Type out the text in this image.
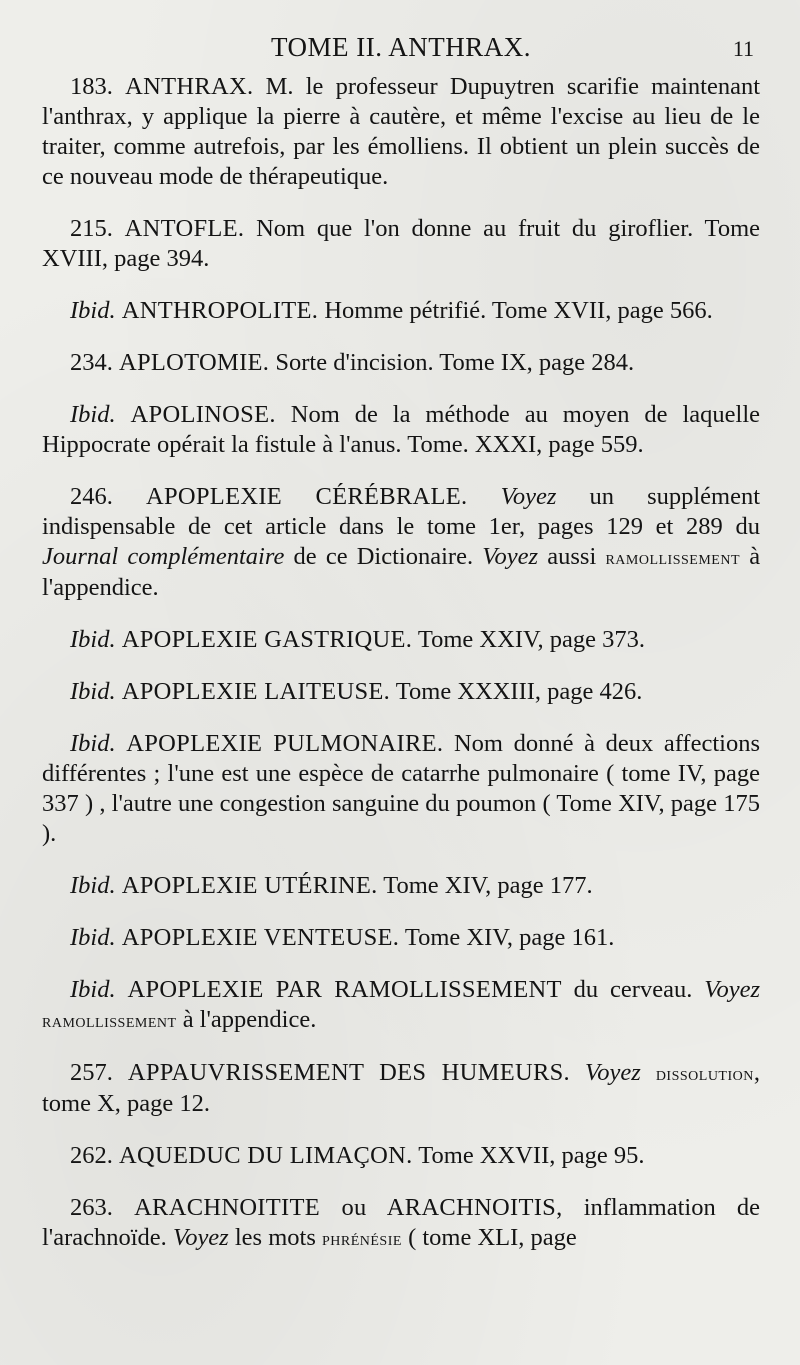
TOME II. ANTHRAX.	11

183. ANTHRAX. M. le professeur Dupuytren scarifie maintenant l'anthrax, y applique la pierre à cautère, et même l'excise au lieu de le traiter, comme autrefois, par les émolliens. Il obtient un plein succès de ce nouveau mode de thérapeutique.

215. ANTOFLE. Nom que l'on donne au fruit du giroflier. Tome XVIII, page 394.

Ibid. ANTHROPOLITE. Homme pétrifié. Tome XVII, page 566.

234. APLOTOMIE. Sorte d'incision. Tome IX, page 284.

Ibid. APOLINOSE. Nom de la méthode au moyen de laquelle Hippocrate opérait la fistule à l'anus. Tome. XXXI, page 559.

246. APOPLEXIE CÉRÉBRALE. Voyez un supplément indispensable de cet article dans le tome 1er, pages 129 et 289 du Journal complémentaire de ce Dictionaire. Voyez aussi ramollissement à l'appendice.

Ibid. APOPLEXIE GASTRIQUE. Tome XXIV, page 373.

Ibid. APOPLEXIE LAITEUSE. Tome XXXIII, page 426.

Ibid. APOPLEXIE PULMONAIRE. Nom donné à deux affections différentes ; l'une est une espèce de catarrhe pulmonaire ( tome IV, page 337 ) , l'autre une congestion sanguine du poumon ( Tome XIV, page 175 ).

Ibid. APOPLEXIE UTÉRINE. Tome XIV, page 177.

Ibid. APOPLEXIE VENTEUSE. Tome XIV, page 161.

Ibid. APOPLEXIE PAR RAMOLLISSEMENT du cerveau. Voyez ramollissement à l'appendice.

257. APPAUVRISSEMENT DES HUMEURS. Voyez dissolution, tome X, page 12.

262. AQUEDUC DU LIMAÇON. Tome XXVII, page 95.

263. ARACHNOITITE ou ARACHNOITIS, inflammation de l'arachnoïde. Voyez les mots phrénésie ( tome XLI, page
